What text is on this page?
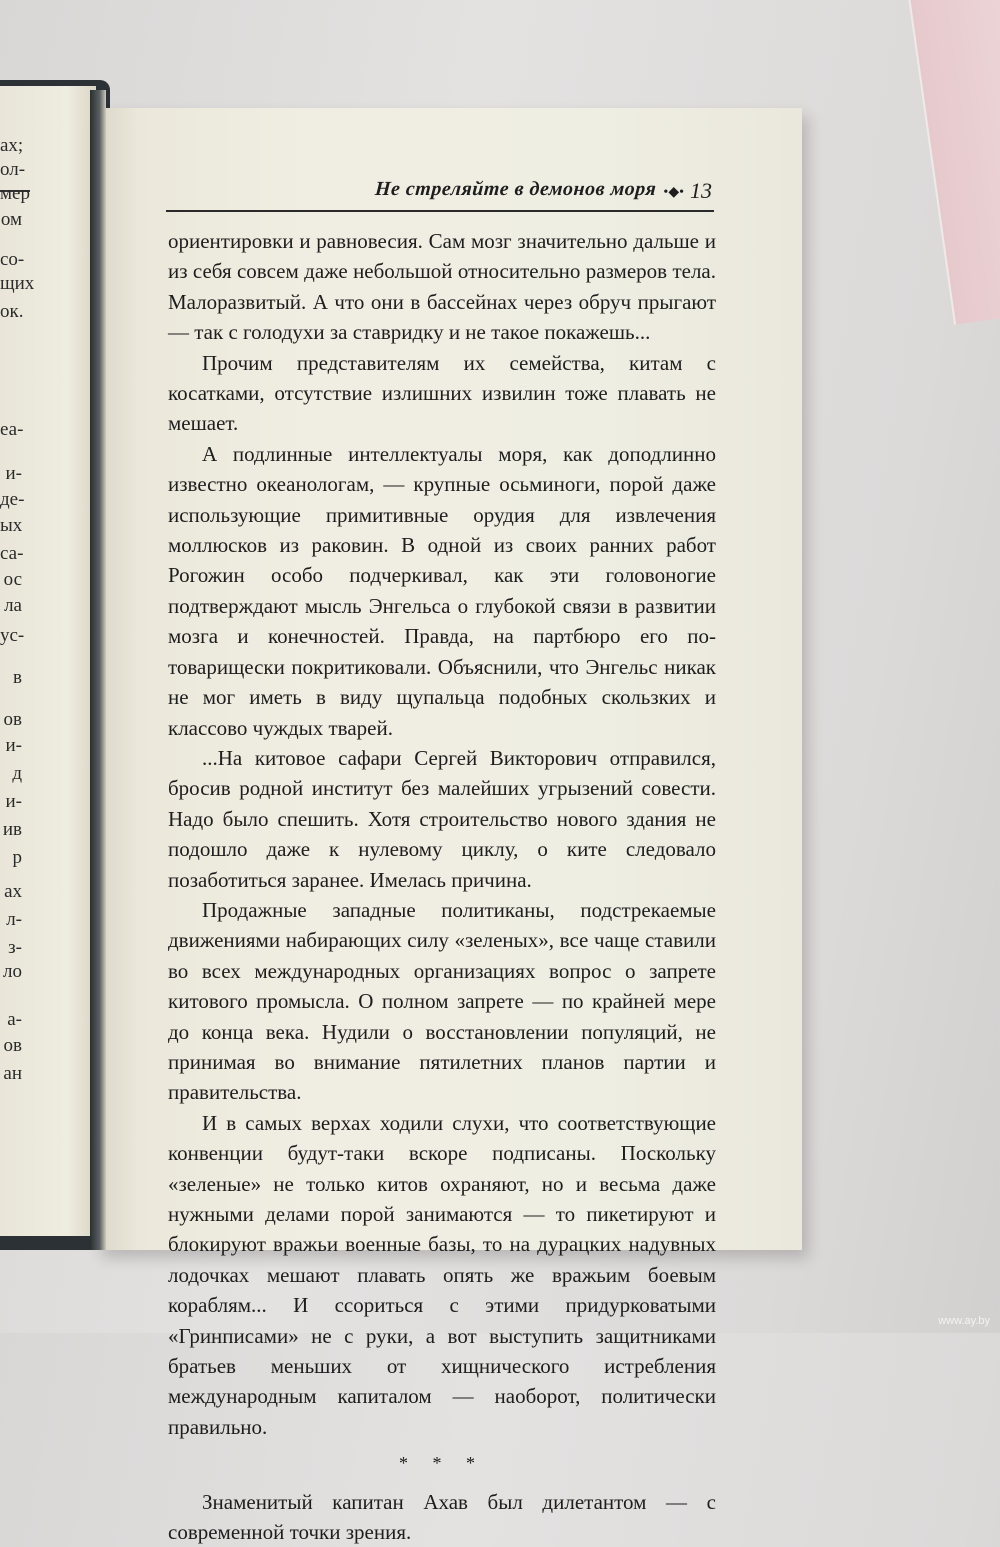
ах;
ол-
мер
ом
со-
щих
ок.
еа-
и-
де-
ых
са-
ос
ла
ус-
в
ов
и-
д
и-
ив
р
ах
л-
з-
ло
а-
ов
ан
Не стреляйте в демонов моря •◆• 13

ориентировки и равновесия. Сам мозг значительно дальше и из себя совсем даже небольшой относительно размеров тела. Малоразвитый. А что они в бассейнах через обруч прыгают — так с голодухи за ставридку и не такое покажешь...

Прочим представителям их семейства, китам с косатками, отсутствие излишних извилин тоже плавать не мешает.

А подлинные интеллектуалы моря, как доподлинно известно океанологам, — крупные осьминоги, порой даже использующие примитивные орудия для извлечения моллюсков из раковин. В одной из своих ранних работ Рогожин особо подчеркивал, как эти головоногие подтверждают мысль Энгельса о глубокой связи в развитии мозга и конечностей. Правда, на партбюро его по-товарищески покритиковали. Объяснили, что Энгельс никак не мог иметь в виду щупальца подобных скользких и классово чуждых тварей.

...На китовое сафари Сергей Викторович отправился, бросив родной институт без малейших угрызений совести. Надо было спешить. Хотя строительство нового здания не подошло даже к нулевому циклу, о ките следовало позаботиться заранее. Имелась причина.

Продажные западные политиканы, подстрекаемые движениями набирающих силу «зеленых», все чаще ставили во всех международных организациях вопрос о запрете китового промысла. О полном запрете — по крайней мере до конца века. Нудили о восстановлении популяций, не принимая во внимание пятилетних планов партии и правительства.

И в самых верхах ходили слухи, что соответствующие конвенции будут-таки вскоре подписаны. Поскольку «зеленые» не только китов охраняют, но и весьма даже нужными делами порой занимаются — то пикетируют и блокируют вражьи военные базы, то на дурацких надувных лодочках мешают плавать опять же вражьим боевым кораблям... И ссориться с этими придурковатыми «Гринписами» не с руки, а вот выступить защитниками братьев меньших от хищнического истребления международным капиталом — наоборот, политически правильно.

* * *

Знаменитый капитан Ахав был дилетантом — с современной точки зрения.

www.ay.by
